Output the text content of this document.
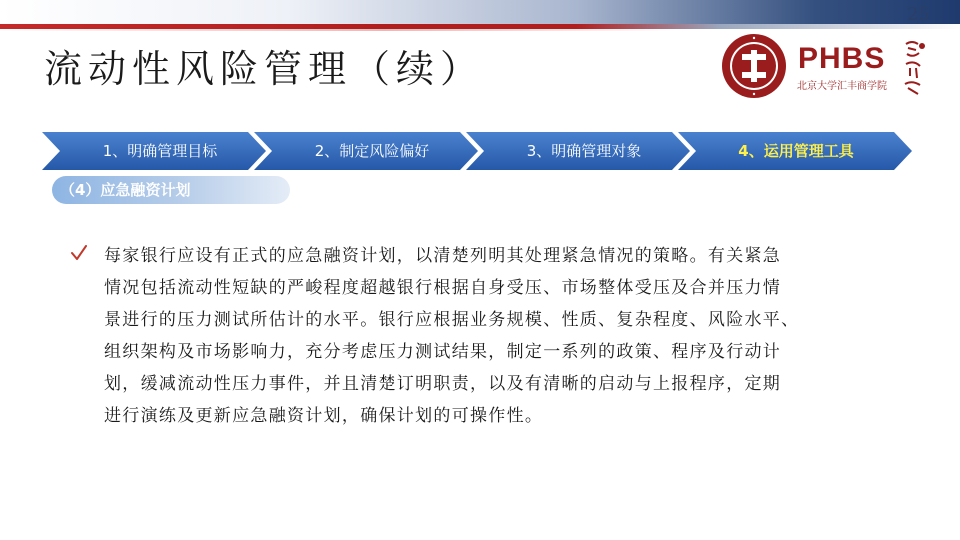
25
流动性风险管理（续）	PHBS
北京大学汇丰商学院
1、明确管理目标	2、制定风险偏好	3、明确管理对象	4、运用管理工具
（4）应急融资计划
每家银行应设有正式的应急融资计划，以清楚列明其处理紧急情况的策略。有关紧急
情况包括流动性短缺的严峻程度超越银行根据自身受压、市场整体受压及合并压力情
景进行的压力测试所估计的水平。银行应根据业务规模、性质、复杂程度、风险水平、
组织架构及市场影响力，充分考虑压力测试结果，制定一系列的政策、程序及行动计
划，缓减流动性压力事件，并且清楚订明职责，以及有清晰的启动与上报程序，定期
进行演练及更新应急融资计划，确保计划的可操作性。
